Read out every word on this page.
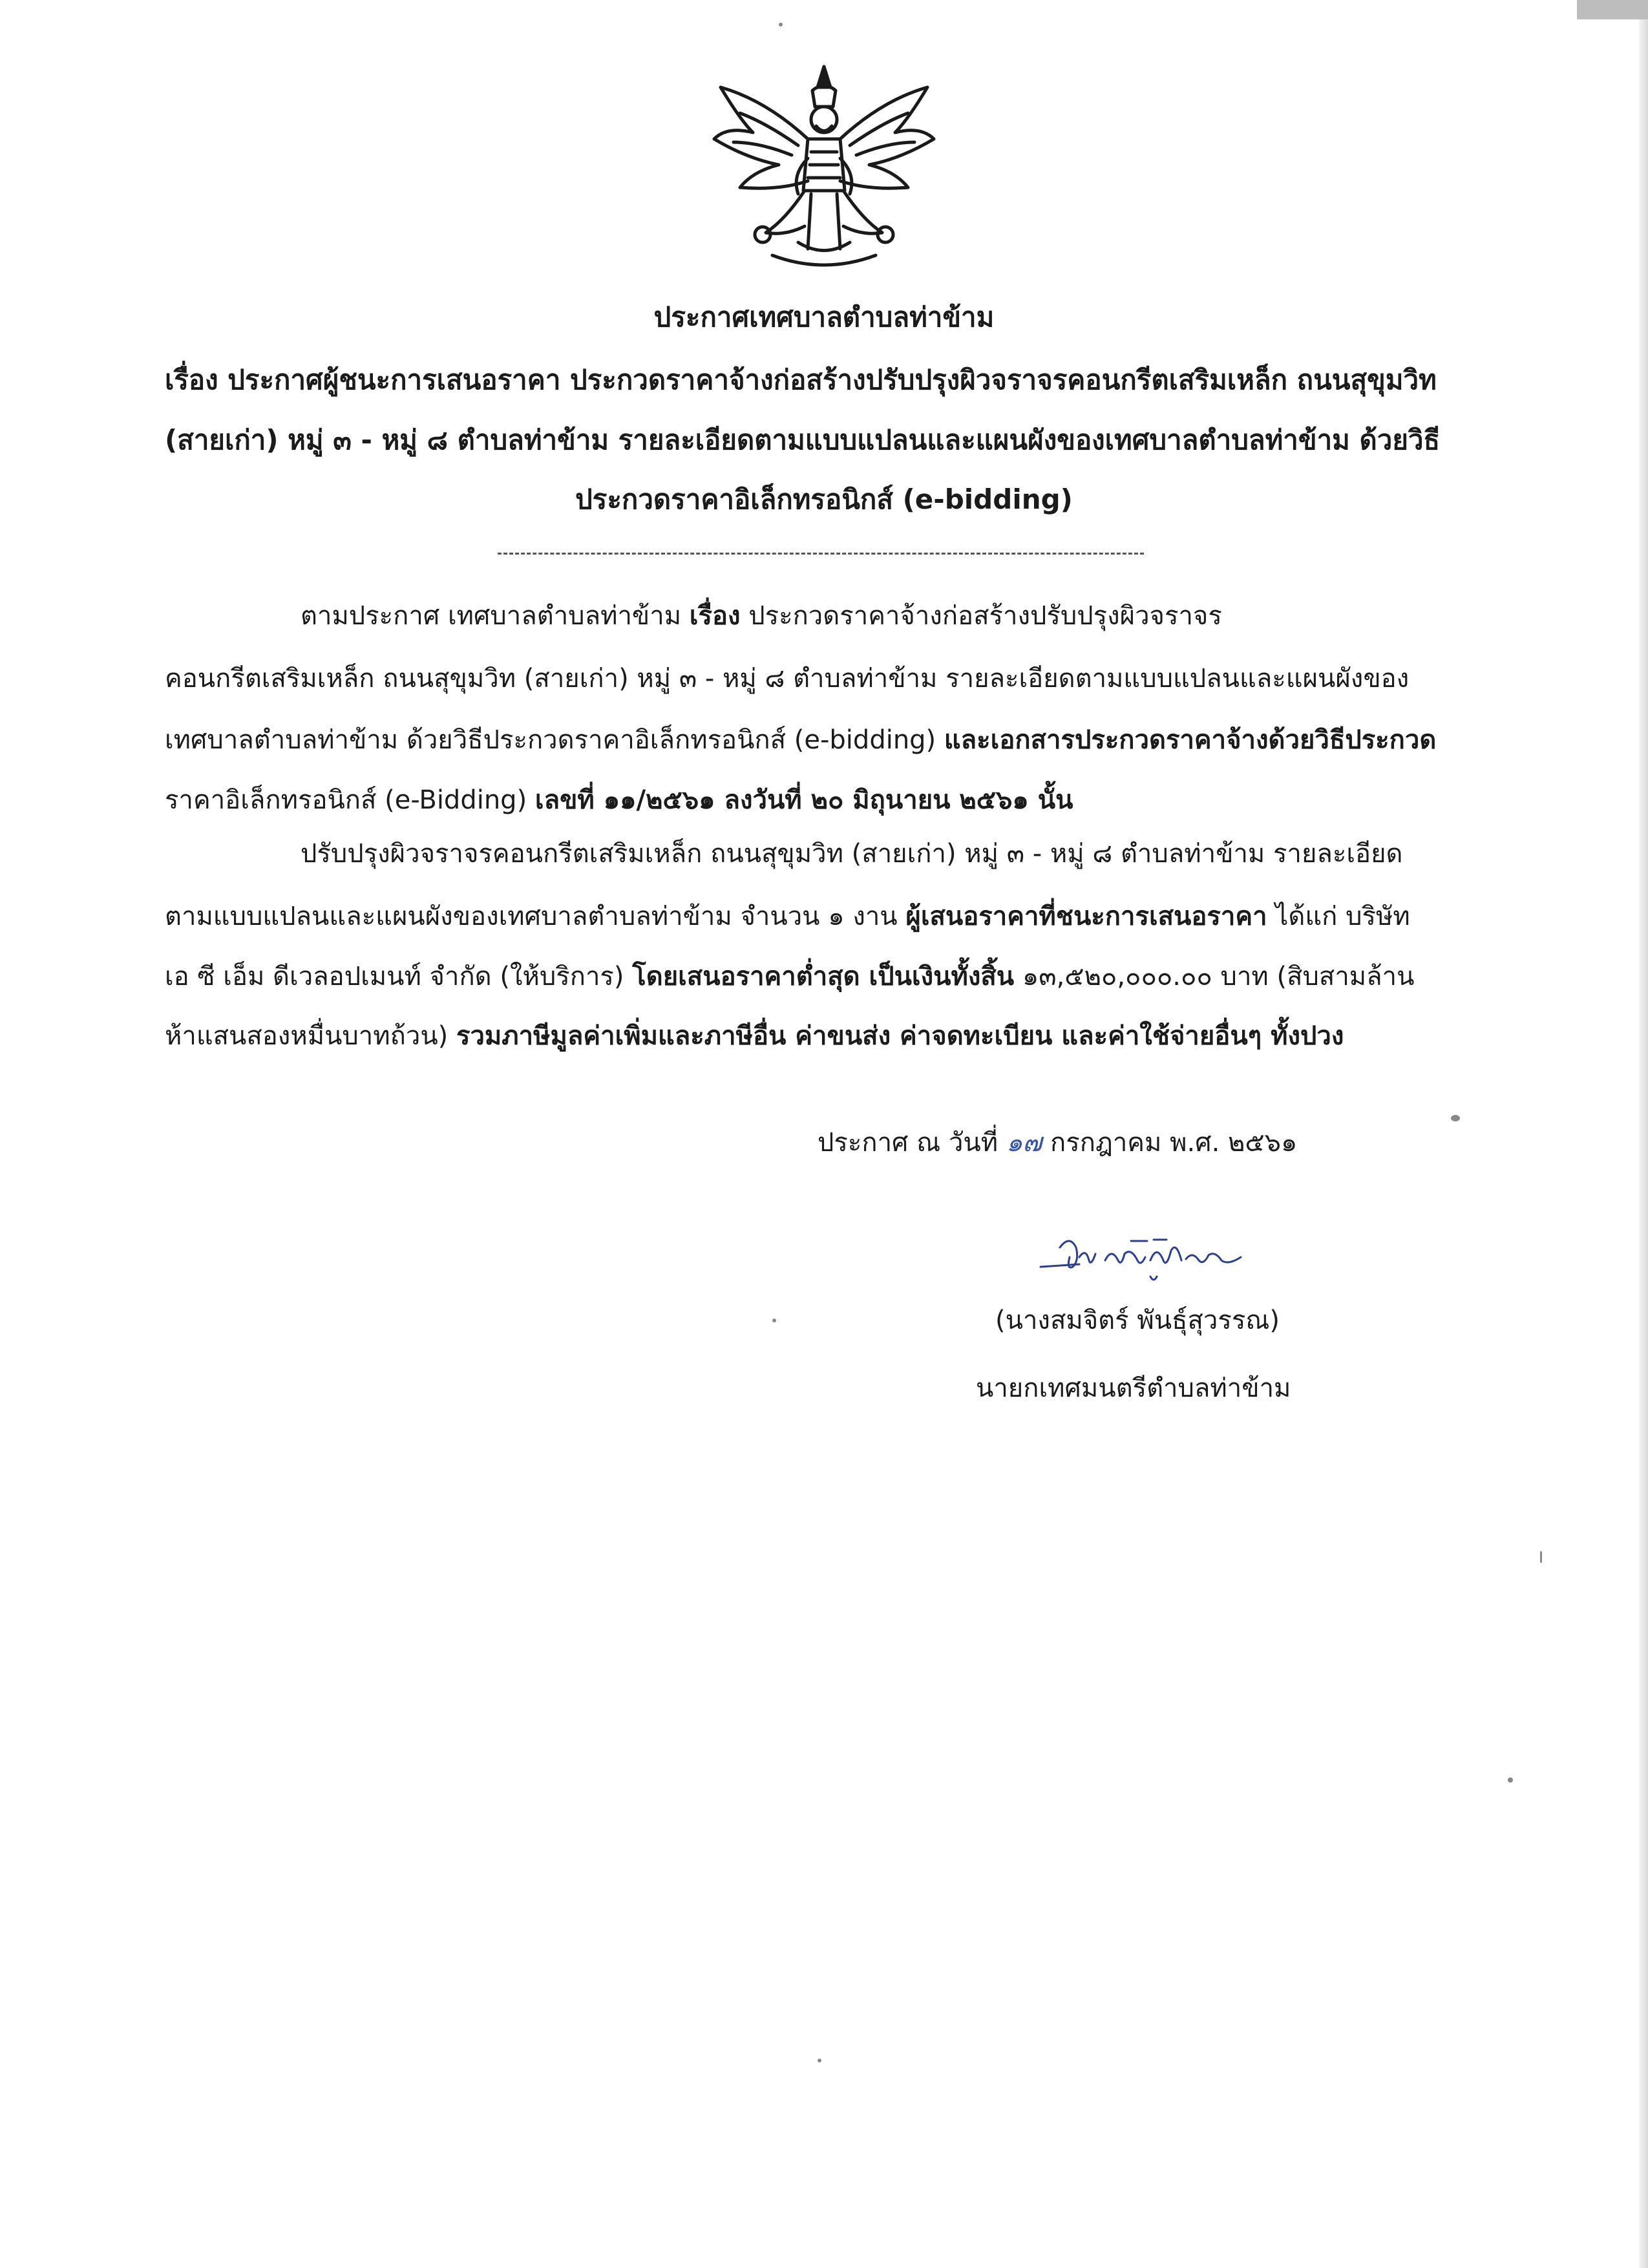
ประกาศเทศบาลตำบลท่าข้าม
เรื่อง ประกาศผู้ชนะการเสนอราคา ประกวดราคาจ้างก่อสร้างปรับปรุงผิวจราจรคอนกรีตเสริมเหล็ก ถนนสุขุมวิท
(สายเก่า) หมู่ ๓ - หมู่ ๘ ตำบลท่าข้าม รายละเอียดตามแบบแปลนและแผนผังของเทศบาลตำบลท่าข้าม ด้วยวิธี
ประกวดราคาอิเล็กทรอนิกส์ (e-bidding)
ตามประกาศ เทศบาลตำบลท่าข้าม เรื่อง ประกวดราคาจ้างก่อสร้างปรับปรุงผิวจราจร
คอนกรีตเสริมเหล็ก ถนนสุขุมวิท (สายเก่า) หมู่ ๓ - หมู่ ๘ ตำบลท่าข้าม รายละเอียดตามแบบแปลนและแผนผังของ
เทศบาลตำบลท่าข้าม ด้วยวิธีประกวดราคาอิเล็กทรอนิกส์ (e-bidding) และเอกสารประกวดราคาจ้างด้วยวิธีประกวด
ราคาอิเล็กทรอนิกส์ (e-Bidding) เลขที่ ๑๑/๒๕๖๑ ลงวันที่ ๒๐ มิถุนายน ๒๕๖๑ นั้น
ปรับปรุงผิวจราจรคอนกรีตเสริมเหล็ก ถนนสุขุมวิท (สายเก่า) หมู่ ๓ - หมู่ ๘ ตำบลท่าข้าม รายละเอียด
ตามแบบแปลนและแผนผังของเทศบาลตำบลท่าข้าม จำนวน ๑ งาน ผู้เสนอราคาที่ชนะการเสนอราคา ได้แก่ บริษัท
เอ ซี เอ็ม ดีเวลอปเมนท์ จำกัด (ให้บริการ) โดยเสนอราคาต่ำสุด เป็นเงินทั้งสิ้น ๑๓,๕๒๐,๐๐๐.๐๐ บาท (สิบสามล้าน
ห้าแสนสองหมื่นบาทถ้วน) รวมภาษีมูลค่าเพิ่มและภาษีอื่น ค่าขนส่ง ค่าจดทะเบียน และค่าใช้จ่ายอื่นๆ ทั้งปวง
ประกาศ ณ วันที่ ๑๗ กรกฎาคม พ.ศ. ๒๕๖๑
(นางสมจิตร์ พันธุ์สุวรรณ)
นายกเทศมนตรีตำบลท่าข้าม
